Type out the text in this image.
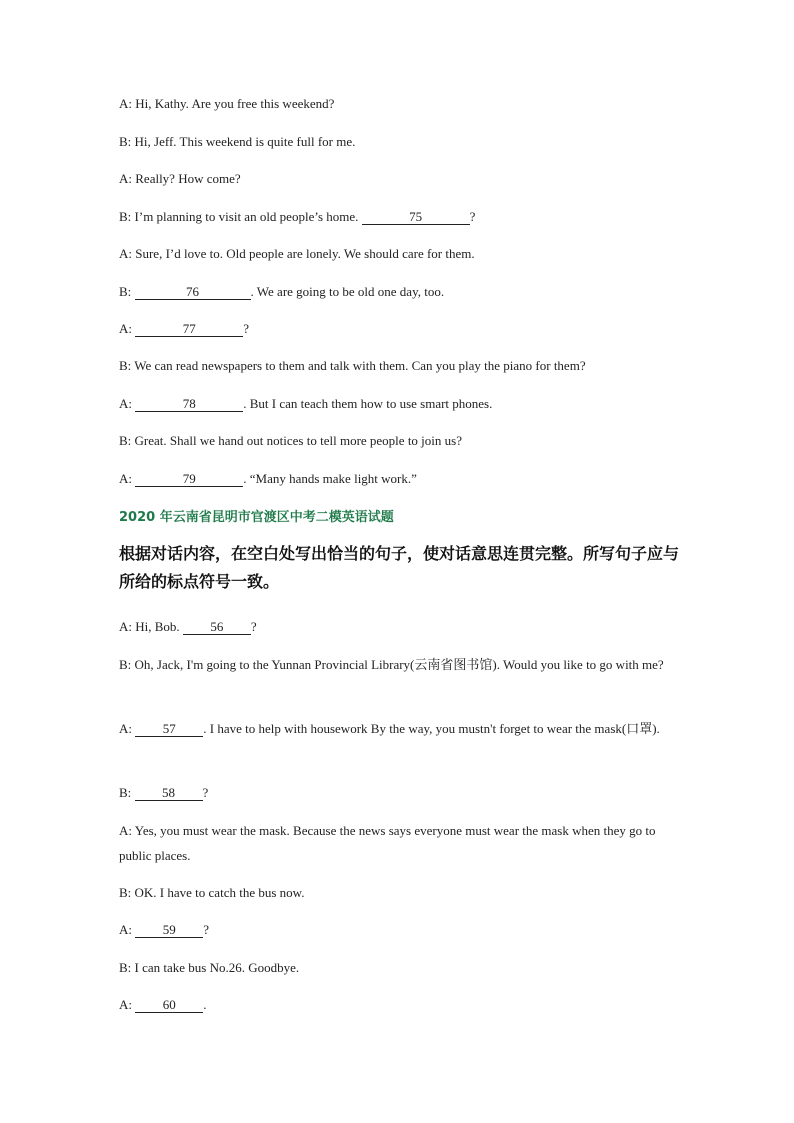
A: Hi, Kathy. Are you free this weekend?
B: Hi, Jeff. This weekend is quite full for me.
A: Really? How come?
B: I’m planning to visit an old people’s home.	75	?
A: Sure, I’d love to. Old people are lonely. We should care for them.
B:	76	. We are going to be old one day, too.
A:	77	?
B: We can read newspapers to them and talk with them. Can you play the piano for them?
A:	78	. But I can teach them how to use smart phones.
B: Great. Shall we hand out notices to tell more people to join us?
A:	79	. “Many hands make light work.”
2020 年云南省昆明市官渡区中考二模英语试题
根据对话内容，在空白处写出恰当的句子，使对话意思连贯完整。所写句子应与所给的标点符号一致。
A: Hi, Bob. 56 ?
B: Oh, Jack, I'm going to the Yunnan Provincial Library(云南省图书馆). Would you like to go with me?
A: 57 . I have to help with housework By the way, you mustn't forget to wear the mask(口罩).
B: 58 ?
A: Yes, you must wear the mask. Because the news says everyone must wear the mask when they go to public places.
B: OK. I have to catch the bus now.
A: 59 ?
B: I can take bus No.26. Goodbye.
A: 60 .
